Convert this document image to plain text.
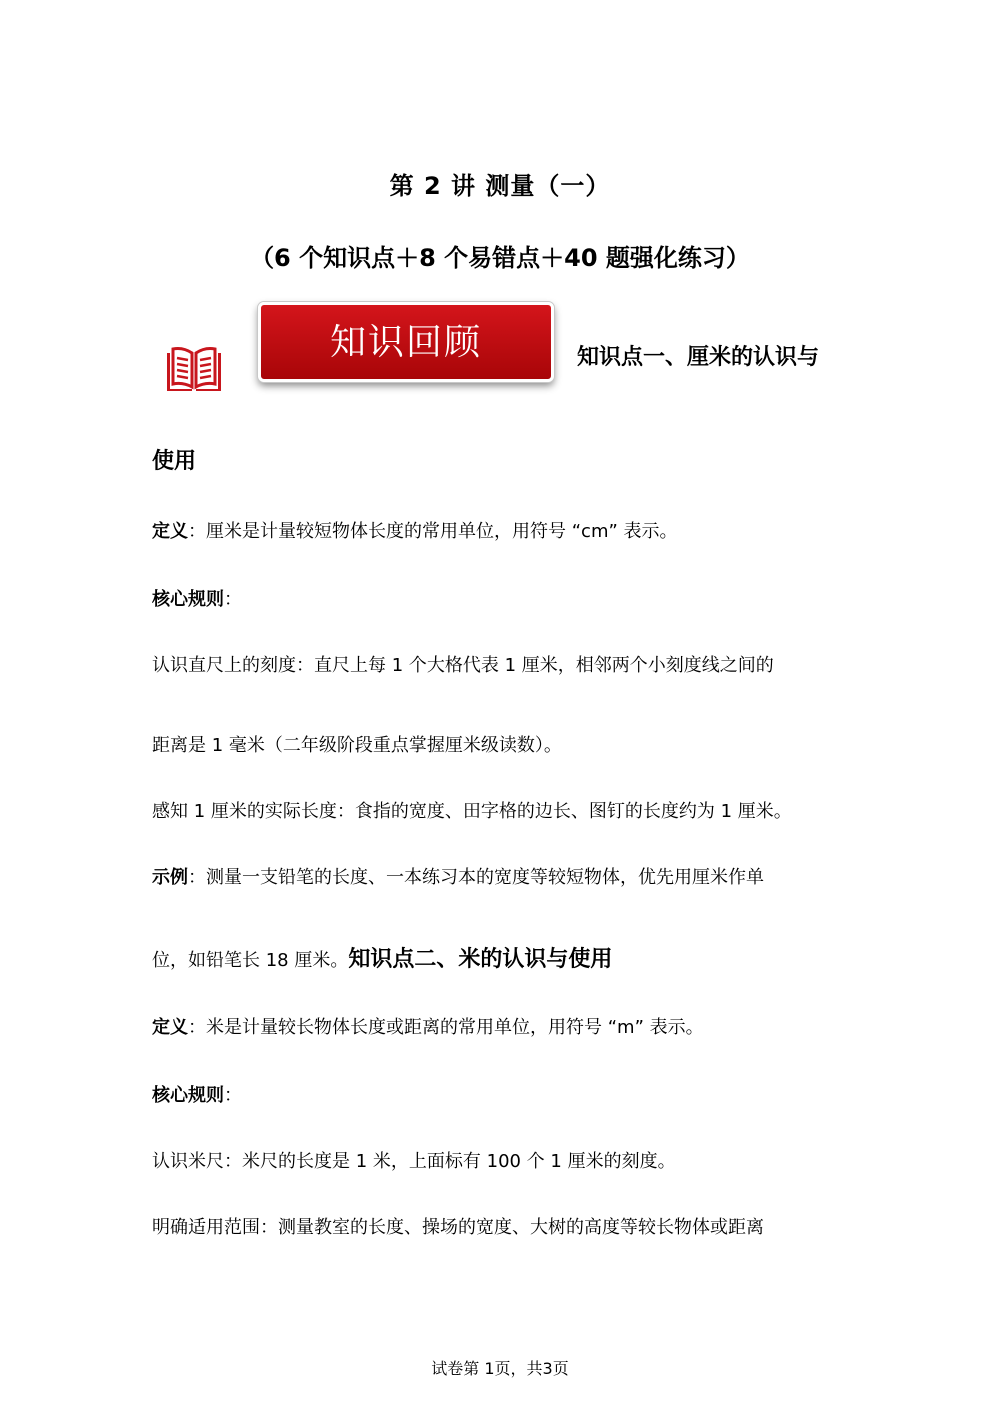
第 2 讲 测量（一）
（6 个知识点＋8 个易错点＋40 题强化练习）
知识回顾	知识点一、厘米的认识与
使用
定义：厘米是计量较短物体长度的常用单位，用符号 “cm” 表示。
核心规则：
认识直尺上的刻度：直尺上每 1 个大格代表 1 厘米，相邻两个小刻度线之间的
距离是 1 毫米（二年级阶段重点掌握厘米级读数）。
感知 1 厘米的实际长度：食指的宽度、田字格的边长、图钉的长度约为 1 厘米。
示例：测量一支铅笔的长度、一本练习本的宽度等较短物体，优先用厘米作单
位，如铅笔长 18 厘米。知识点二、米的认识与使用
定义：米是计量较长物体长度或距离的常用单位，用符号 “m” 表示。
核心规则：
认识米尺：米尺的长度是 1 米，上面标有 100 个 1 厘米的刻度。
明确适用范围：测量教室的长度、操场的宽度、大树的高度等较长物体或距离
试卷第 1页，共3页
